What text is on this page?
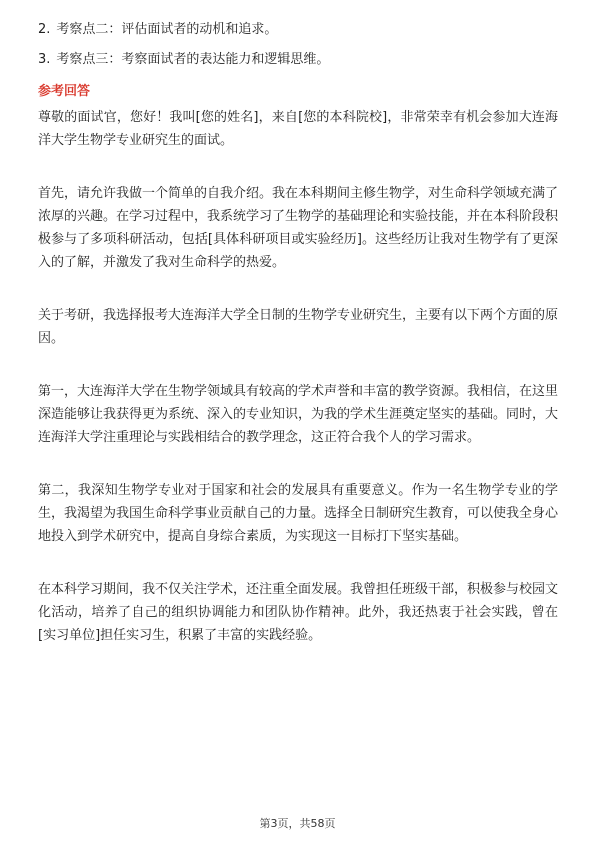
2. 考察点二：评估面试者的动机和追求。
3. 考察点三：考察面试者的表达能力和逻辑思维。
参考回答

尊敬的面试官，您好！我叫[您的姓名]，来自[您的本科院校]，非常荣幸有机会参加大连海洋大学生物学专业研究生的面试。

首先，请允许我做一个简单的自我介绍。我在本科期间主修生物学，对生命科学领域充满了浓厚的兴趣。在学习过程中，我系统学习了生物学的基础理论和实验技能，并在本科阶段积极参与了多项科研活动，包括[具体科研项目或实验经历]。这些经历让我对生物学有了更深入的了解，并激发了我对生命科学的热爱。

关于考研，我选择报考大连海洋大学全日制的生物学专业研究生，主要有以下两个方面的原因。

第一，大连海洋大学在生物学领域具有较高的学术声誉和丰富的教学资源。我相信，在这里深造能够让我获得更为系统、深入的专业知识，为我的学术生涯奠定坚实的基础。同时，大连海洋大学注重理论与实践相结合的教学理念，这正符合我个人的学习需求。

第二，我深知生物学专业对于国家和社会的发展具有重要意义。作为一名生物学专业的学生，我渴望为我国生命科学事业贡献自己的力量。选择全日制研究生教育，可以使我全身心地投入到学术研究中，提高自身综合素质，为实现这一目标打下坚实基础。

在本科学习期间，我不仅关注学术，还注重全面发展。我曾担任班级干部，积极参与校园文化活动，培养了自己的组织协调能力和团队协作精神。此外，我还热衷于社会实践，曾在[实习单位]担任实习生，积累了丰富的实践经验。

第3页，共58页
